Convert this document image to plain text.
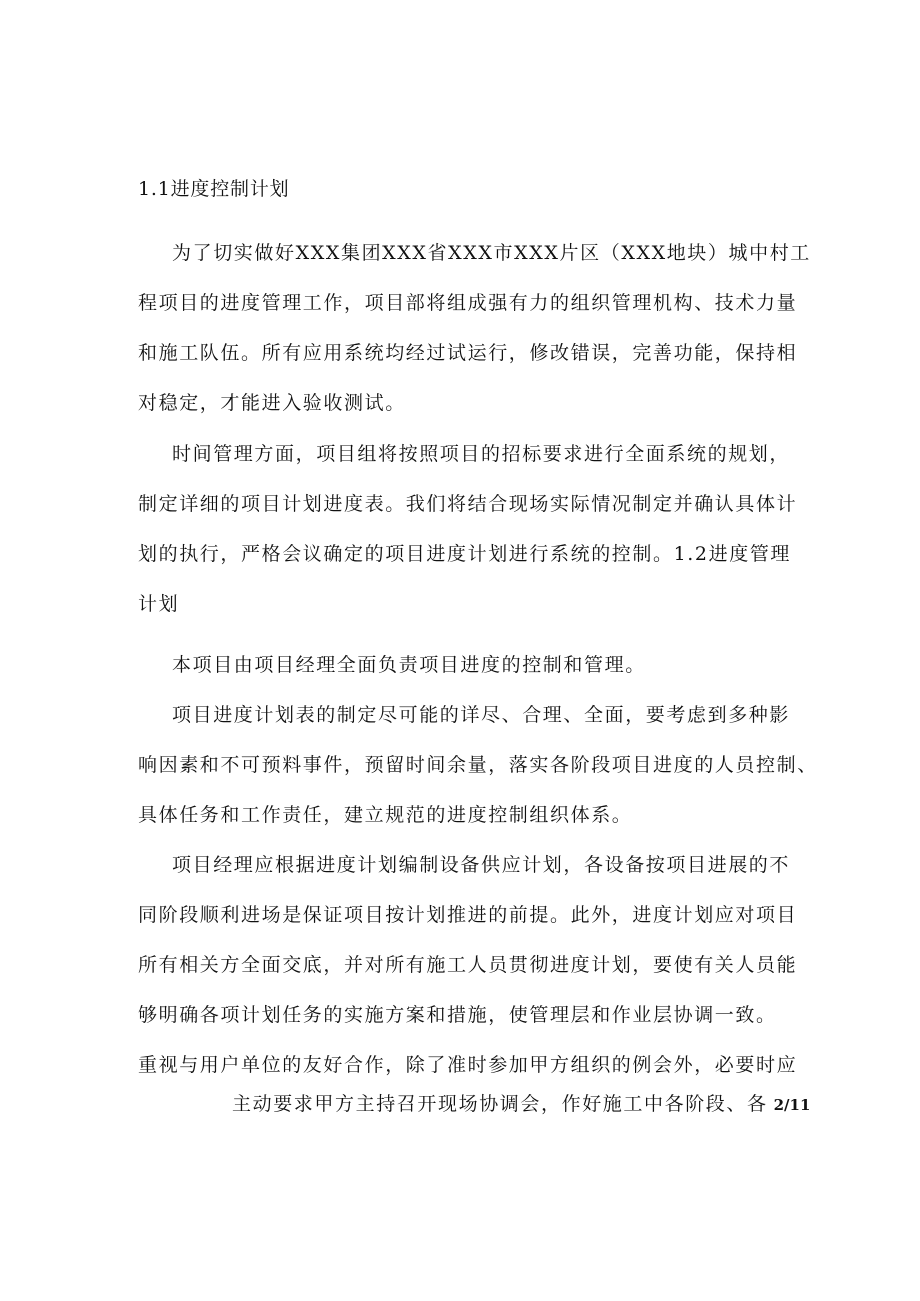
1.1进度控制计划
为了切实做好XXX集团XXX省XXX市XXX片区（XXX地块）城中村工
程项目的进度管理工作，项目部将组成强有力的组织管理机构、技术力量
和施工队伍。所有应用系统均经过试运行，修改错误，完善功能，保持相
对稳定，才能进入验收测试。
时间管理方面，项目组将按照项目的招标要求进行全面系统的规划，
制定详细的项目计划进度表。我们将结合现场实际情况制定并确认具体计
划的执行，严格会议确定的项目进度计划进行系统的控制。1.2进度管理
计划
本项目由项目经理全面负责项目进度的控制和管理。
项目进度计划表的制定尽可能的详尽、合理、全面，要考虑到多种影
响因素和不可预料事件，预留时间余量，落实各阶段项目进度的人员控制、
具体任务和工作责任，建立规范的进度控制组织体系。
项目经理应根据进度计划编制设备供应计划，各设备按项目进展的不
同阶段顺利进场是保证项目按计划推进的前提。此外，进度计划应对项目
所有相关方全面交底，并对所有施工人员贯彻进度计划，要使有关人员能
够明确各项计划任务的实施方案和措施，使管理层和作业层协调一致。
重视与用户单位的友好合作，除了准时参加甲方组织的例会外，必要时应
主动要求甲方主持召开现场协调会，作好施工中各阶段、各 2/11
